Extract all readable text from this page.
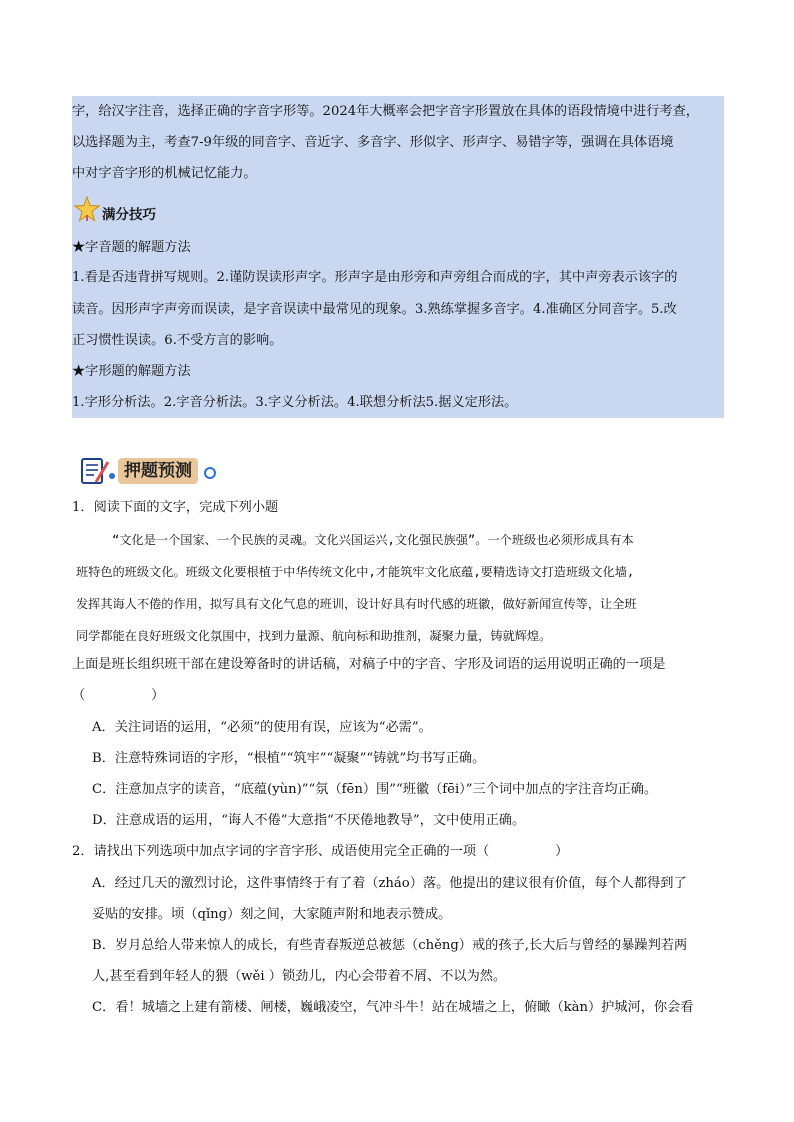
字，给汉字注音，选择正确的字音字形等。2024年大概率会把字音字形置放在具体的语段情境中进行考查，
以选择题为主，考查7-9年级的同音字、音近字、多音字、形似字、形声字、易错字等，强调在具体语境
中对字音字形的机械记忆能力。
满分技巧
★字音题的解题方法
1.看是否违背拼写规则。2.谨防误读形声字。形声字是由形旁和声旁组合而成的字，其中声旁表示该字的
读音。因形声字声旁而误读，是字音误读中最常见的现象。3.熟练掌握多音字。4.准确区分同音字。5.改
正习惯性误读。6.不受方言的影响。
★字形题的解题方法
1.字形分析法。2.字音分析法。3.字义分析法。4.联想分析法5.据义定形法。
押题预测
1．阅读下面的文字，完成下列小题
“文化是一个国家、一个民族的灵魂。文化兴国运兴,文化强民族强”。一个班级也必须形成具有本
班特色的班级文化。班级文化要根植于中华传统文化中,才能筑牢文化底蕴,要精选诗文打造班级文化墙,
发挥其诲人不倦的作用，拟写具有文化气息的班训，设计好具有时代感的班徽，做好新闻宣传等，让全班
同学都能在良好班级文化氛围中，找到力量源、航向标和助推剂，凝聚力量，铸就辉煌。
上面是班长组织班干部在建设筹备时的讲话稿，对稿子中的字音、字形及词语的运用说明正确的一项是
（　　　　　）
A．关注词语的运用，“必须”的使用有误，应该为“必需”。
B．注意特殊词语的字形，“根植”“筑牢”“凝聚”“铸就”均书写正确。
C．注意加点字的读音，“底蕴(yùn)”“氛（fēn）围”“班徽（fēi）”三个词中加点的字注音均正确。
D．注意成语的运用，“诲人不倦”大意指“不厌倦地教导”，文中使用正确。
2．请找出下列选项中加点字词的字音字形、成语使用完全正确的一项（　　　　　）
A．经过几天的激烈讨论，这件事情终于有了着（zháo）落。他提出的建议很有价值，每个人都得到了
妥贴的安排。顷（qǐng）刻之间，大家随声附和地表示赞成。
B．岁月总给人带来惊人的成长，有些青春叛逆总被惩（chěng）戒的孩子,长大后与曾经的暴躁判若两
人,甚至看到年轻人的猥（wěi ）锁劲儿，内心会带着不屑、不以为然。
C．看！城墙之上建有箭楼、闸楼，巍峨凌空，气冲斗牛！站在城墙之上，俯瞰（kàn）护城河，你会看
